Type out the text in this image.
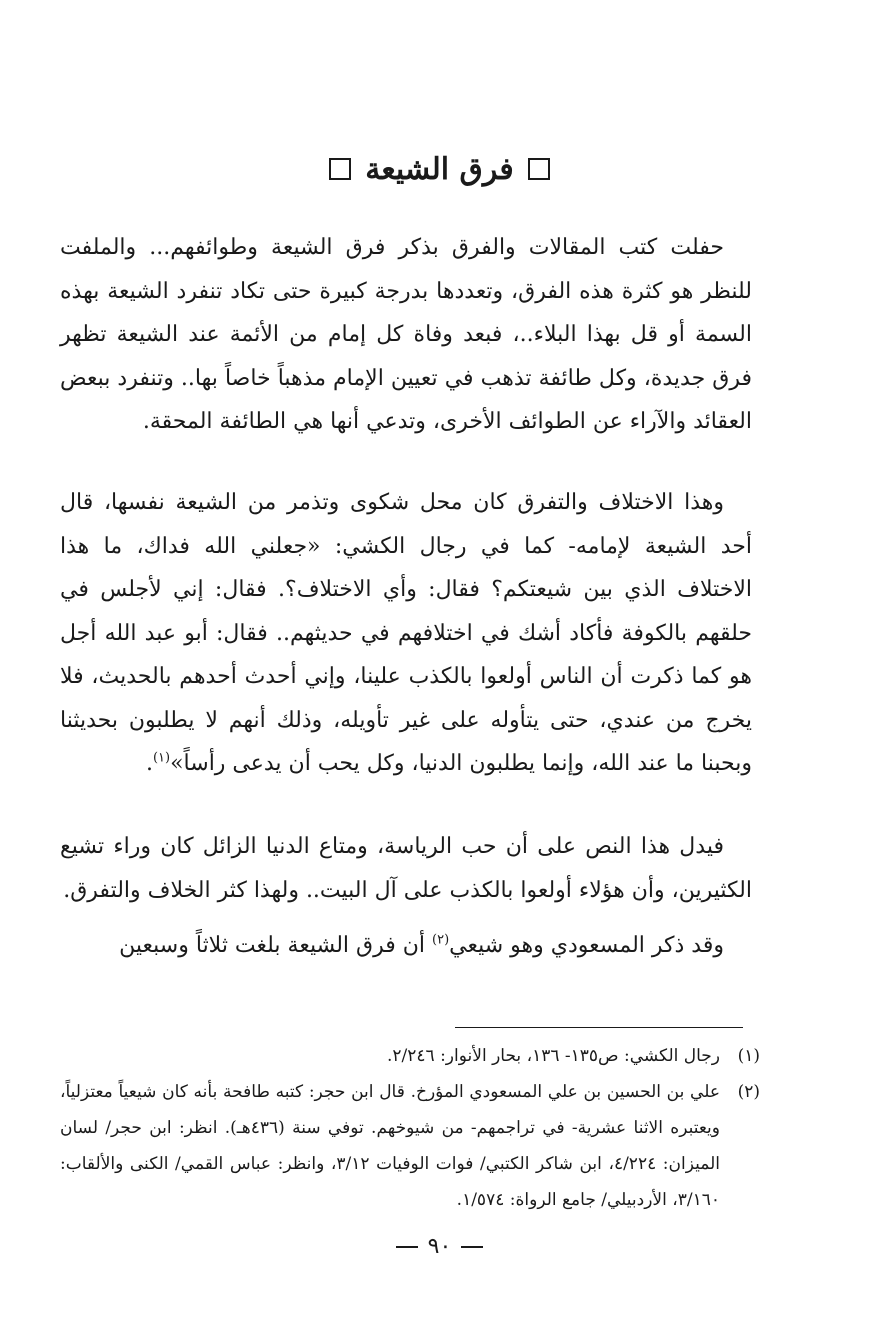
فرق الشيعة

حفلت كتب المقالات والفرق بذكر فرق الشيعة وطوائفهم... والملفت للنظر هو كثرة هذه الفرق، وتعددها بدرجة كبيرة حتى تكاد تنفرد الشيعة بهذه السمة أو قل بهذا البلاء..، فبعد وفاة كل إمام من الأئمة عند الشيعة تظهر فرق جديدة، وكل طائفة تذهب في تعيين الإمام مذهباً خاصاً بها.. وتنفرد ببعض العقائد والآراء عن الطوائف الأخرى، وتدعي أنها هي الطائفة المحقة.

وهذا الاختلاف والتفرق كان محل شكوى وتذمر من الشيعة نفسها، قال أحد الشيعة لإمامه- كما في رجال الكشي: «جعلني الله فداك، ما هذا الاختلاف الذي بين شيعتكم؟ فقال: وأي الاختلاف؟. فقال: إني لأجلس في حلقهم بالكوفة فأكاد أشك في اختلافهم في حديثهم.. فقال: أبو عبد الله أجل هو كما ذكرت أن الناس أولعوا بالكذب علينا، وإني أحدث أحدهم بالحديث، فلا يخرج من عندي، حتى يتأوله على غير تأويله، وذلك أنهم لا يطلبون بحديثنا وبحبنا ما عند الله، وإنما يطلبون الدنيا، وكل يحب أن يدعى رأساً»$^{(١)}$.

فيدل هذا النص على أن حب الرياسة، ومتاع الدنيا الزائل كان وراء تشيع الكثيرين، وأن هؤلاء أولعوا بالكذب على آل البيت.. ولهذا كثر الخلاف والتفرق.

وقد ذكر المسعودي وهو شيعي$^{(٢)}$ أن فرق الشيعة بلغت ثلاثاً وسبعين

(١)
رجال الكشي: ص١٣٥- ١٣٦، بحار الأنوار: ٢/٢٤٦.
(٢)
علي بن الحسين بن علي المسعودي المؤرخ. قال ابن حجر: كتبه طافحة بأنه كان شيعياً معتزلياً، ويعتبره الاثنا عشرية- في تراجمهم- من شيوخهم. توفي سنة (٤٣٦هـ). انظر: ابن حجر/ لسان الميزان: ٤/٢٢٤، ابن شاكر الكتبي/ فوات الوفيات ٣/١٢، وانظر: عباس القمي/ الكنى والألقاب: ٣/١٦٠، الأردبيلي/ جامع الرواة: ١/٥٧٤.
٩٠
